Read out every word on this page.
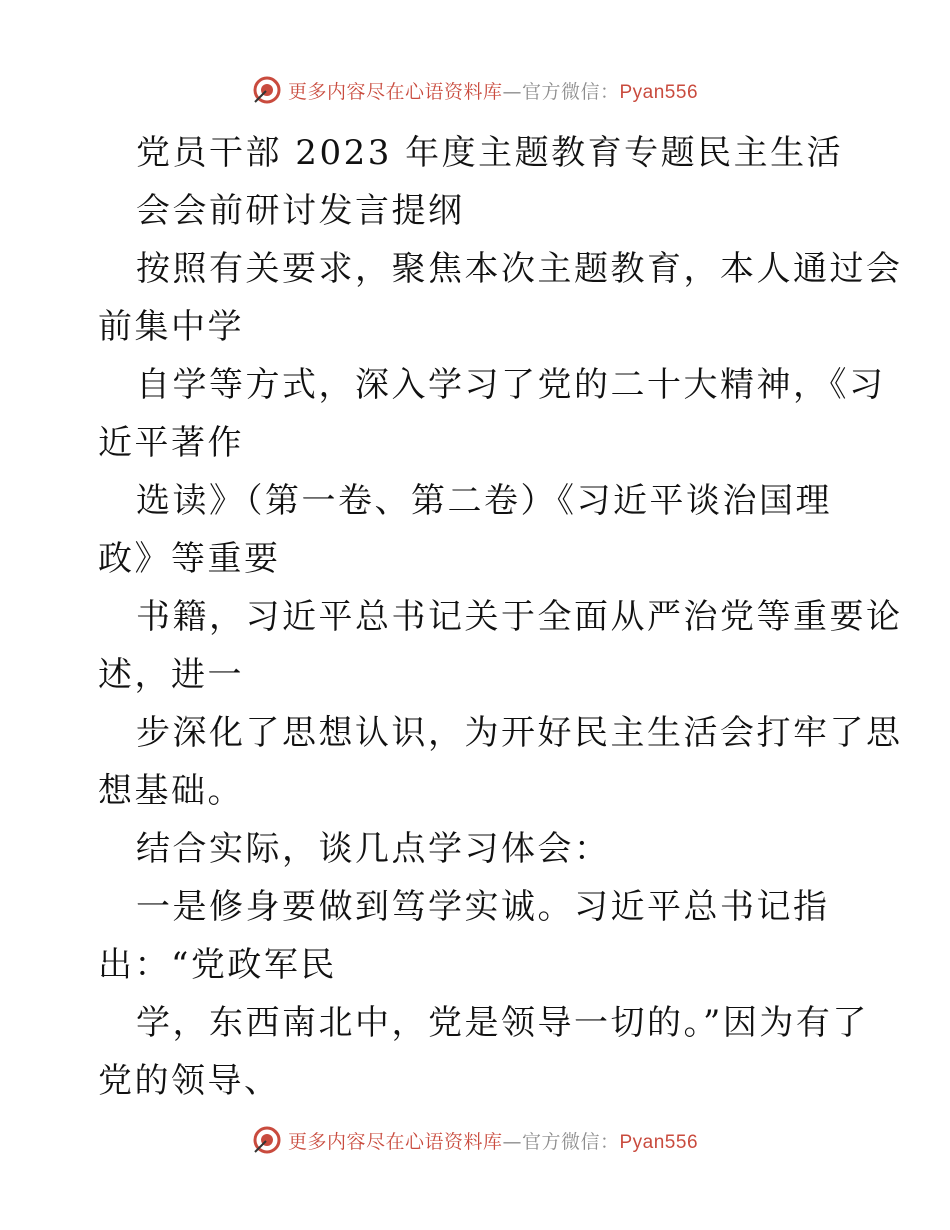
更多内容尽在心语资料库—官方微信：Pyan556
党员干部 2023 年度主题教育专题民主生活
会会前研讨发言提纲
按照有关要求，聚焦本次主题教育，本人通过会
前集中学
自学等方式，深入学习了党的二十大精神，《习
近平著作
选读》（第一卷、第二卷）《习近平谈治国理
政》等重要
书籍，习近平总书记关于全面从严治党等重要论
述，进一
步深化了思想认识，为开好民主生活会打牢了思
想基础。
结合实际，谈几点学习体会：
一是修身要做到笃学实诚。习近平总书记指
出：“党政军民
学，东西南北中，党是领导一切的。”因为有了
党的领导、
更多内容尽在心语资料库—官方微信：Pyan556
